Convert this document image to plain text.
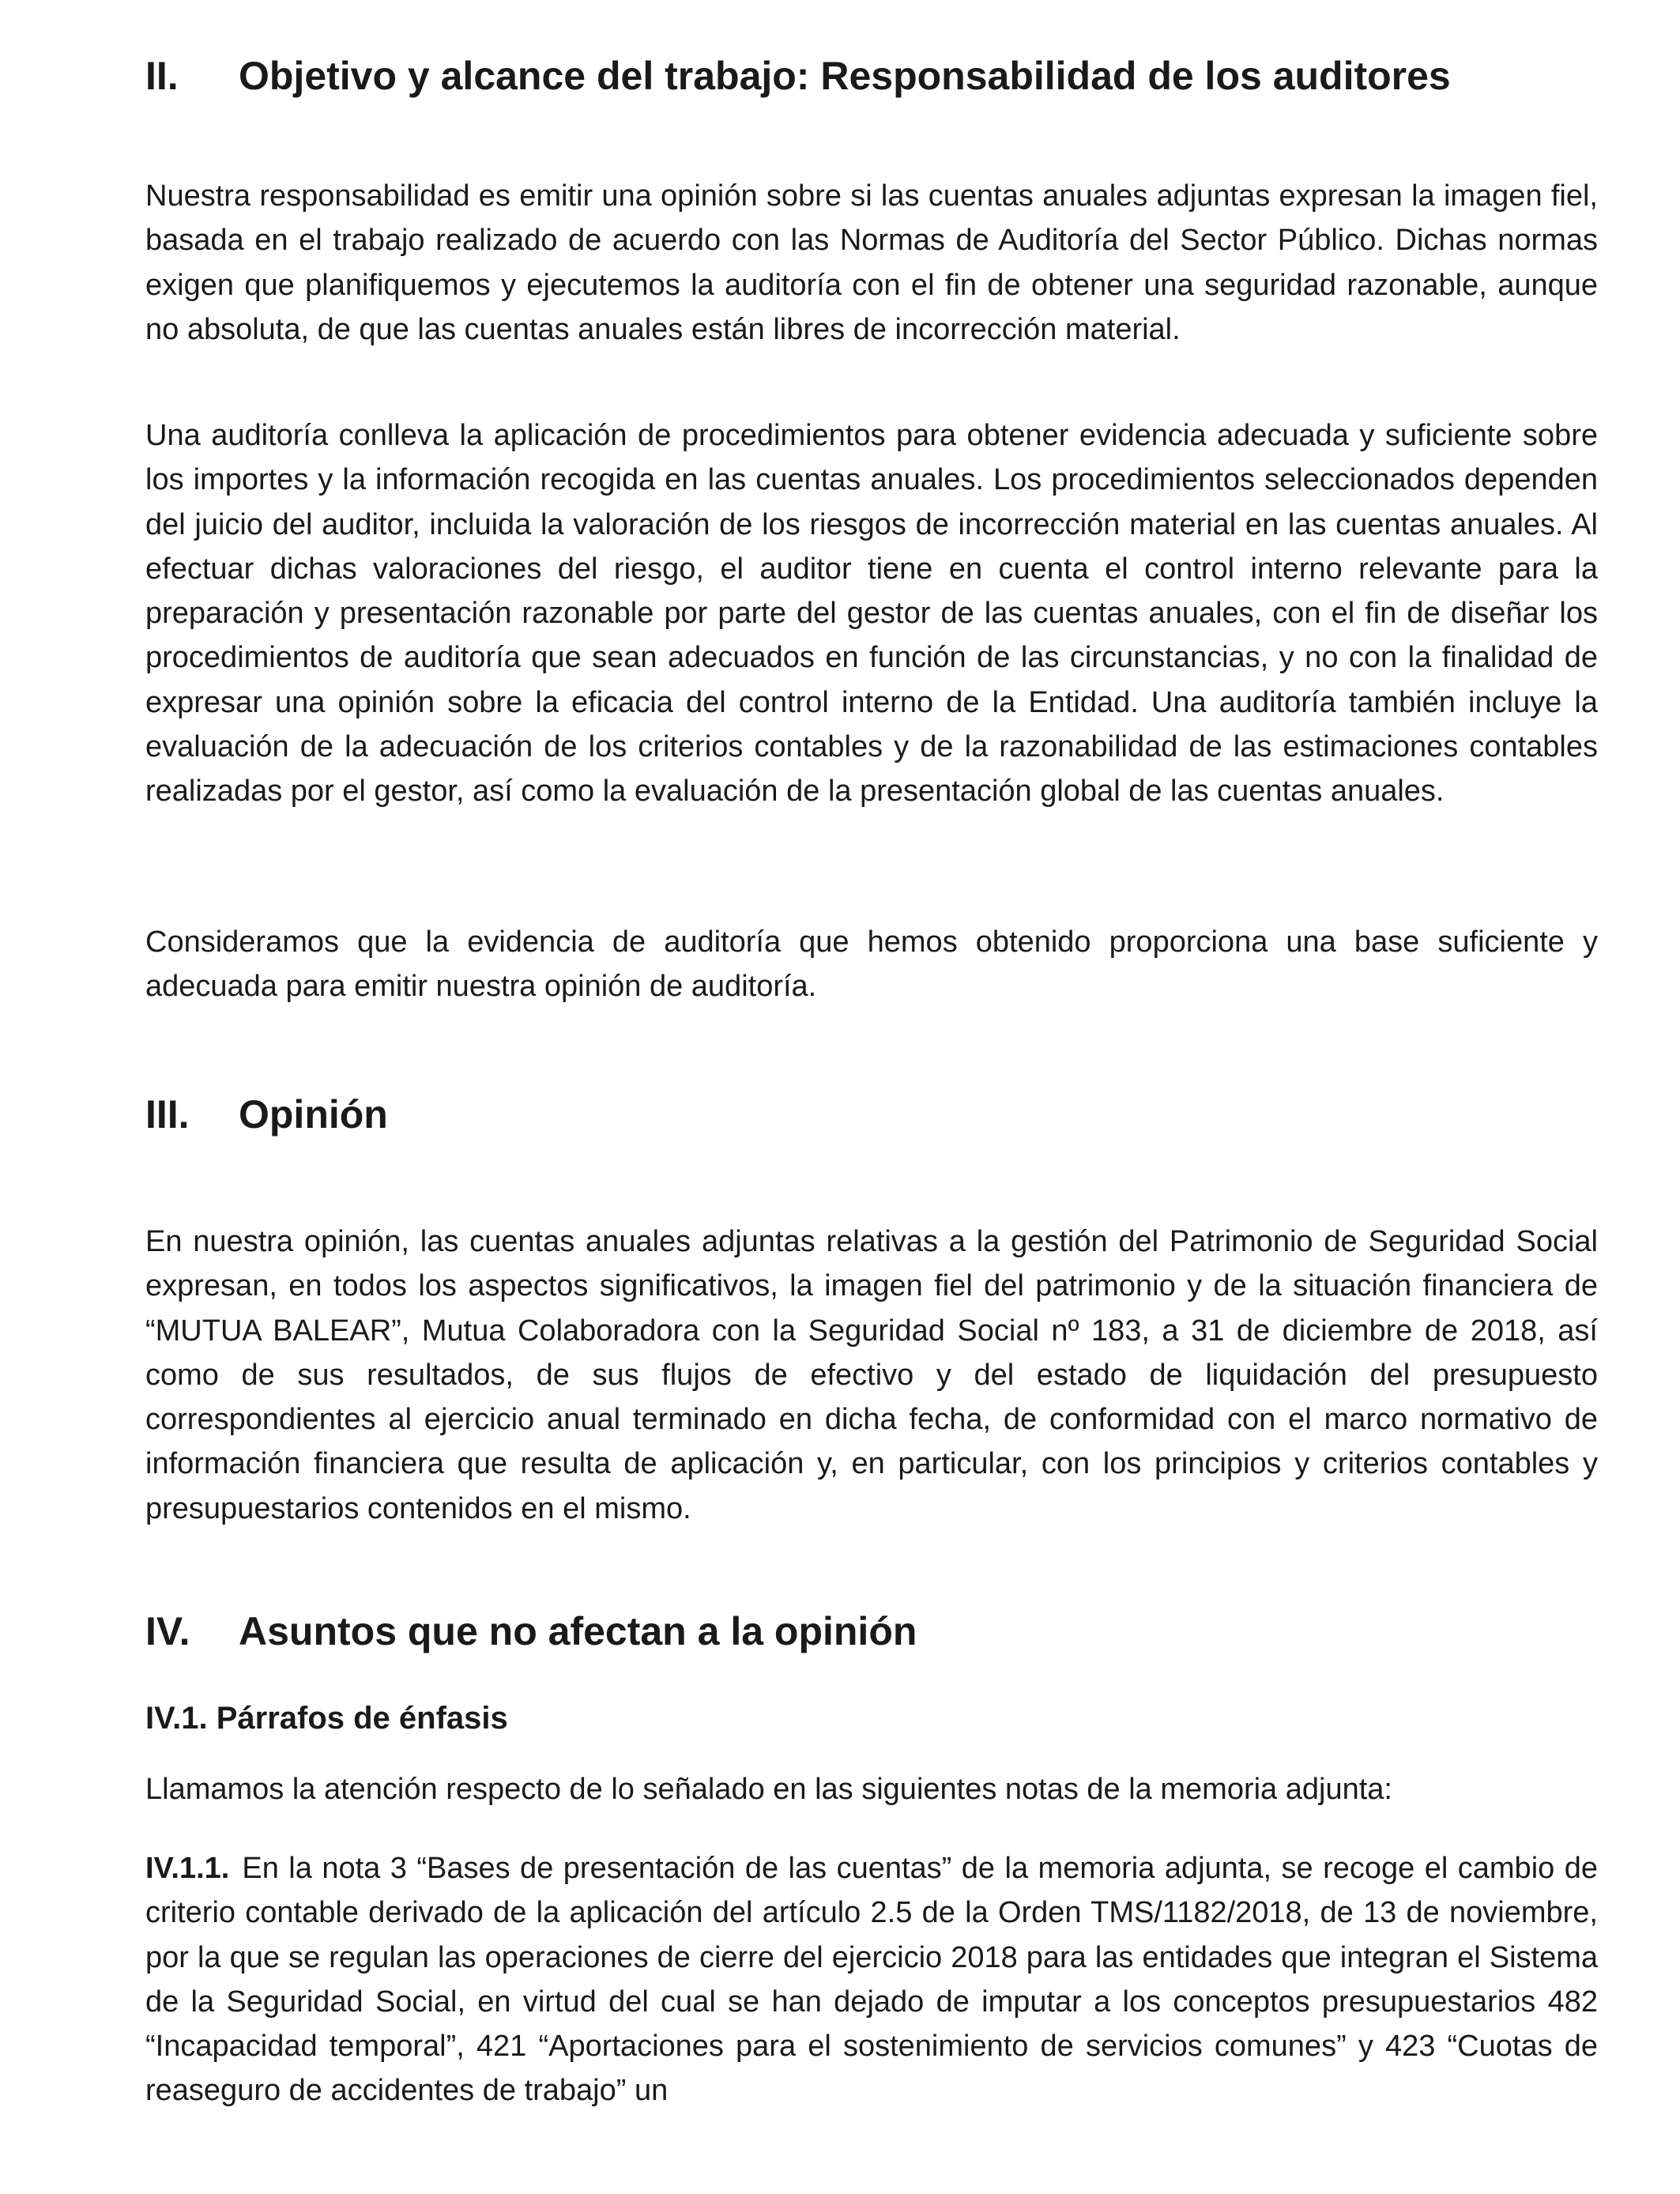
II. Objetivo y alcance del trabajo: Responsabilidad de los auditores

Nuestra responsabilidad es emitir una opinión sobre si las cuentas anuales adjuntas expresan la imagen fiel, basada en el trabajo realizado de acuerdo con las Normas de Auditoría del Sector Público. Dichas normas exigen que planifiquemos y ejecutemos la auditoría con el fin de obtener una seguridad razonable, aunque no absoluta, de que las cuentas anuales están libres de incorrección material.

Una auditoría conlleva la aplicación de procedimientos para obtener evidencia adecuada y suficiente sobre los importes y la información recogida en las cuentas anuales. Los procedimientos seleccionados dependen del juicio del auditor, incluida la valoración de los riesgos de incorrección material en las cuentas anuales. Al efectuar dichas valoraciones del riesgo, el auditor tiene en cuenta el control interno relevante para la preparación y presentación razonable por parte del gestor de las cuentas anuales, con el fin de diseñar los procedimientos de auditoría que sean adecuados en función de las circunstancias, y no con la finalidad de expresar una opinión sobre la eficacia del control interno de la Entidad. Una auditoría también incluye la evaluación de la adecuación de los criterios contables y de la razonabilidad de las estimaciones contables realizadas por el gestor, así como la evaluación de la presentación global de las cuentas anuales.

Consideramos que la evidencia de auditoría que hemos obtenido proporciona una base suficiente y adecuada para emitir nuestra opinión de auditoría.

III. Opinión

En nuestra opinión, las cuentas anuales adjuntas relativas a la gestión del Patrimonio de Seguridad Social expresan, en todos los aspectos significativos, la imagen fiel del patrimonio y de la situación financiera de “MUTUA BALEAR”, Mutua Colaboradora con la Seguridad Social nº 183, a 31 de diciembre de 2018, así como de sus resultados, de sus flujos de efectivo y del estado de liquidación del presupuesto correspondientes al ejercicio anual terminado en dicha fecha, de conformidad con el marco normativo de información financiera que resulta de aplicación y, en particular, con los principios y criterios contables y presupuestarios contenidos en el mismo.

IV. Asuntos que no afectan a la opinión
IV.1. Párrafos de énfasis

Llamamos la atención respecto de lo señalado en las siguientes notas de la memoria adjunta:

IV.1.1. En la nota 3 “Bases de presentación de las cuentas” de la memoria adjunta, se recoge el cambio de criterio contable derivado de la aplicación del artículo 2.5 de la Orden TMS/1182/2018, de 13 de noviembre, por la que se regulan las operaciones de cierre del ejercicio 2018 para las entidades que integran el Sistema de la Seguridad Social, en virtud del cual se han dejado de imputar a los conceptos presupuestarios 482 “Incapacidad temporal”, 421 “Aportaciones para el sostenimiento de servicios comunes” y 423 “Cuotas de reaseguro de accidentes de trabajo” un
